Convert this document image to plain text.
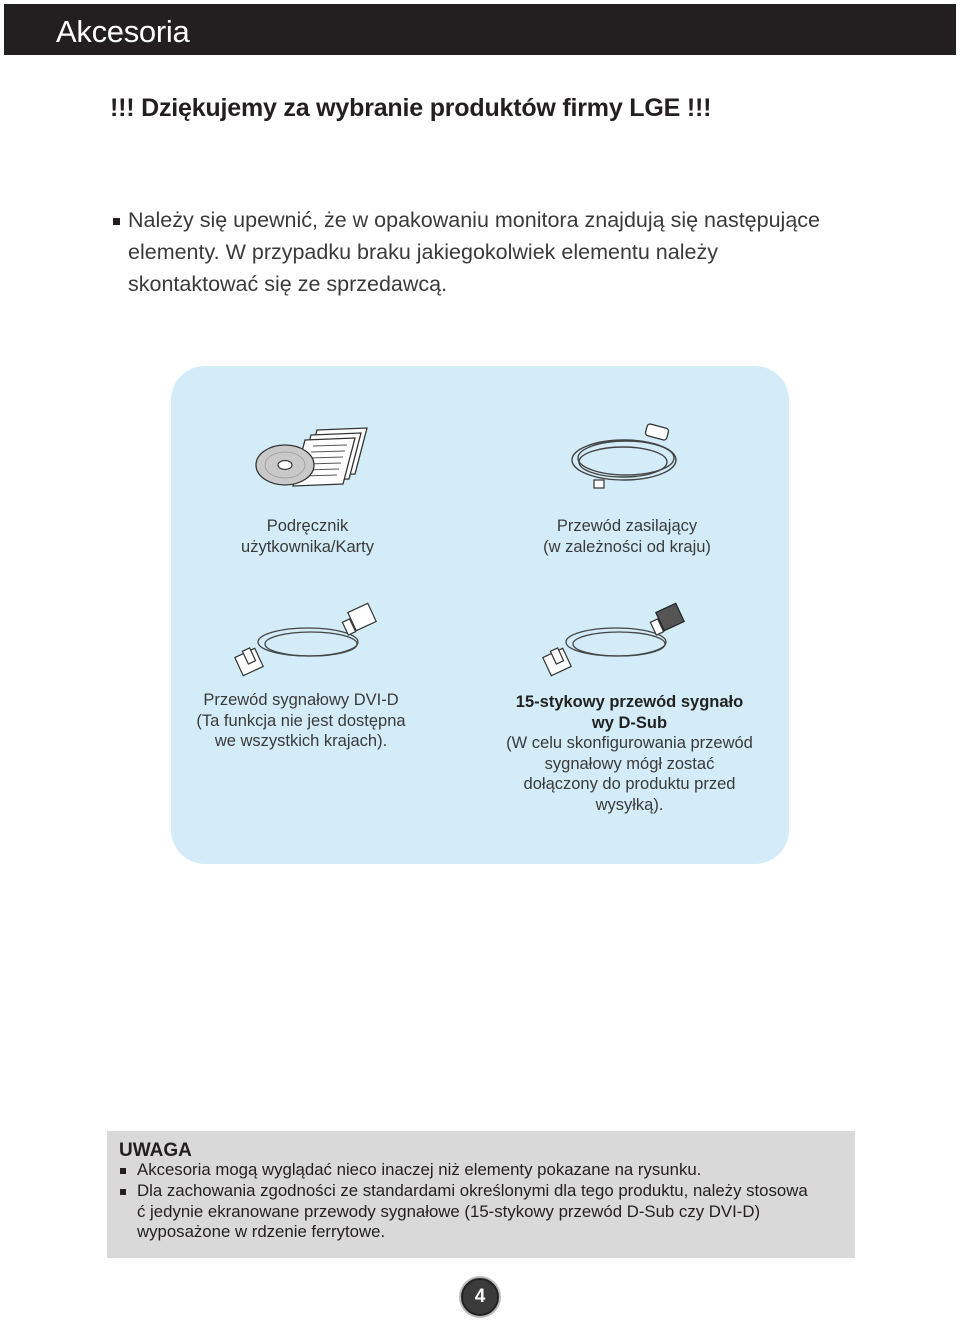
Akcesoria
!!! Dziękujemy za wybranie produktów firmy LGE !!!
Należy się upewnić, że w opakowaniu monitora znajdują się następujące
elementy. W przypadku braku jakiegokolwiek elementu należy
skontaktować się ze sprzedawcą.
Podręcznik
użytkownika/Karty
Przewód zasilający
(w zależności od kraju)
Przewód sygnałowy DVI-D
(Ta funkcja nie jest dostępna
we wszystkich krajach).
15-stykowy przewód sygnało
wy D-Sub
(W celu skonfigurowania przewód
sygnałowy mógł zostać
dołączony do produktu przed
wysyłką).
UWAGA
Akcesoria mogą wyglądać nieco inaczej niż elementy pokazane na rysunku.
Dla zachowania zgodności ze standardami określonymi dla tego produktu, należy stosowa
ć jedynie ekranowane przewody sygnałowe (15-stykowy przewód D-Sub czy DVI-D)
wyposażone w rdzenie ferrytowe.
4
